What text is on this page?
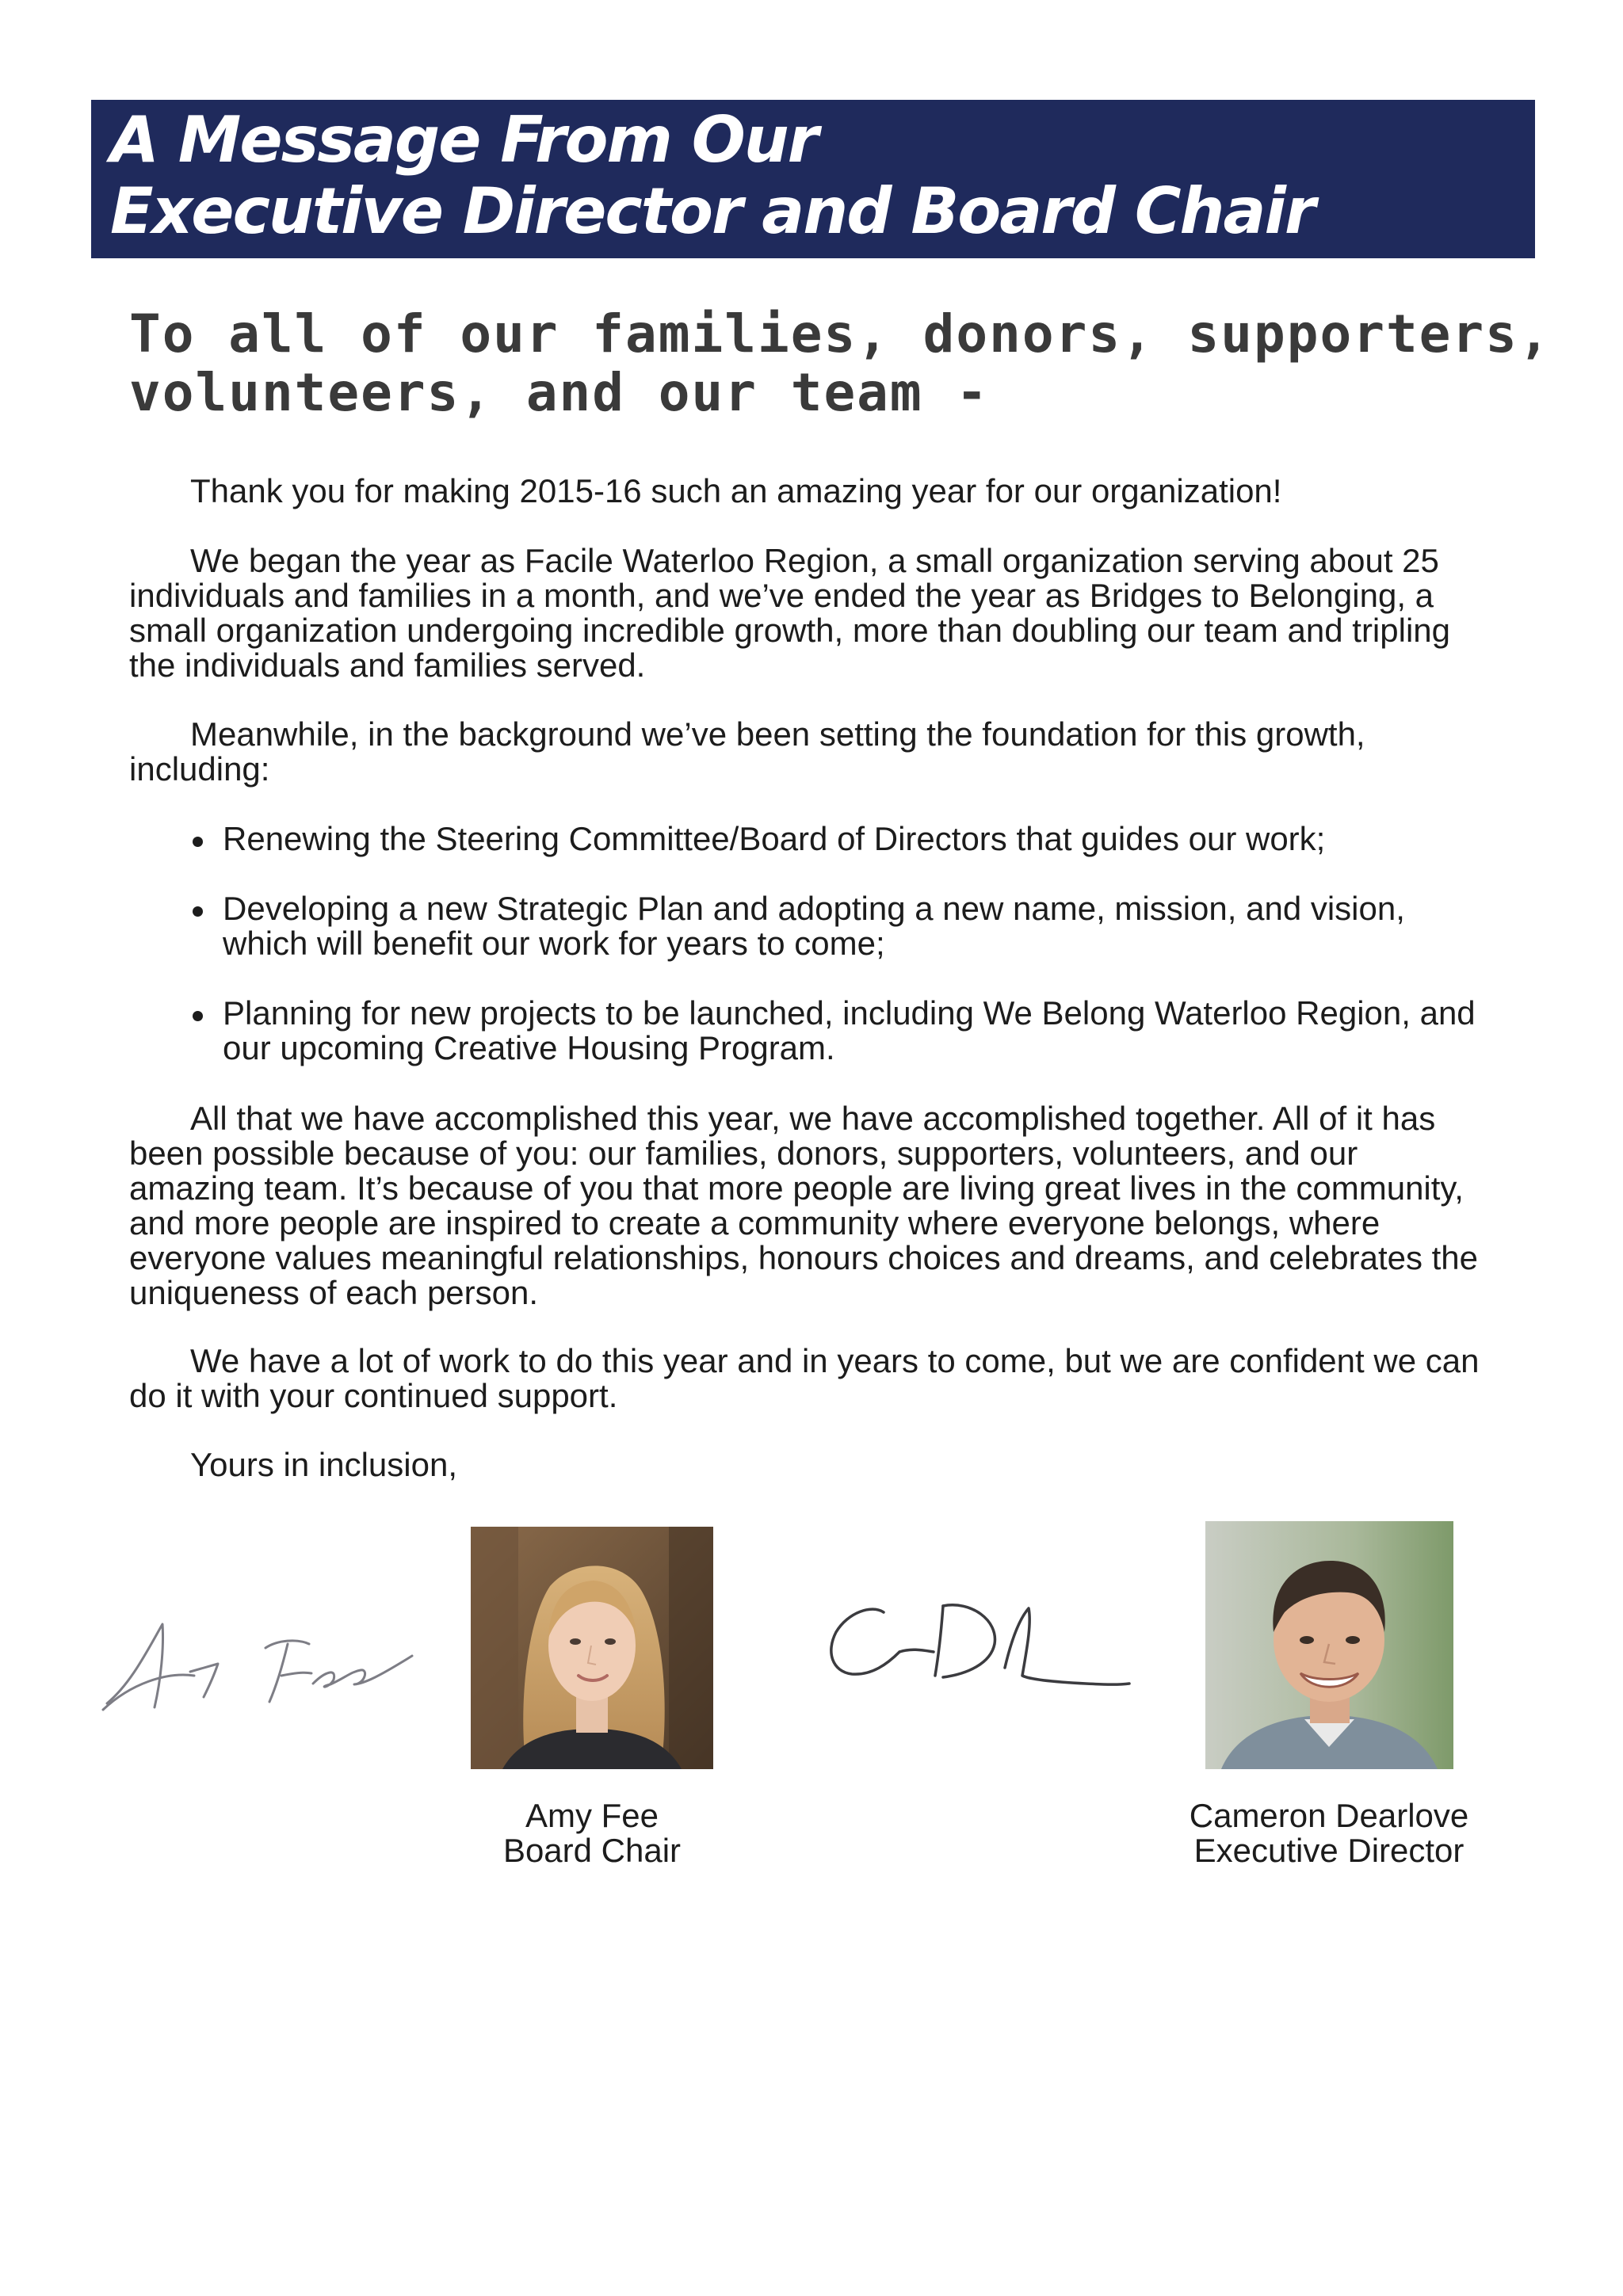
A Message From Our
Executive Director and Board Chair
To all of our families, donors, supporters,
volunteers, and our team -

Thank you for making 2015-16 such an amazing year for our organization!

We began the year as Facile Waterloo Region, a small organization serving about 25 individuals and families in a month, and we’ve ended the year as Bridges to Belonging, a small organization undergoing incredible growth, more than doubling our team and tripling the individuals and families served.

Meanwhile, in the background we’ve been setting the foundation for this growth, including:

Renewing the Steering Committee/Board of Directors that guides our work;
Developing a new Strategic Plan and adopting a new name, mission, and vision, which will benefit our work for years to come;
Planning for new projects to be launched, including We Belong Waterloo Region, and our upcoming Creative Housing Program.

All that we have accomplished this year, we have accomplished together. All of it has been possible because of you: our families, donors, supporters, volunteers, and our amazing team. It’s because of you that more people are living great lives in the community, and more people are inspired to create a community where everyone belongs, where everyone values meaningful relationships, honours choices and dreams, and celebrates the uniqueness of each person.

We have a lot of work to do this year and in years to come, but we are confident we can do it with your continued support.

Yours in inclusion,

Amy Fee
Board Chair
Cameron Dearlove
Executive Director
